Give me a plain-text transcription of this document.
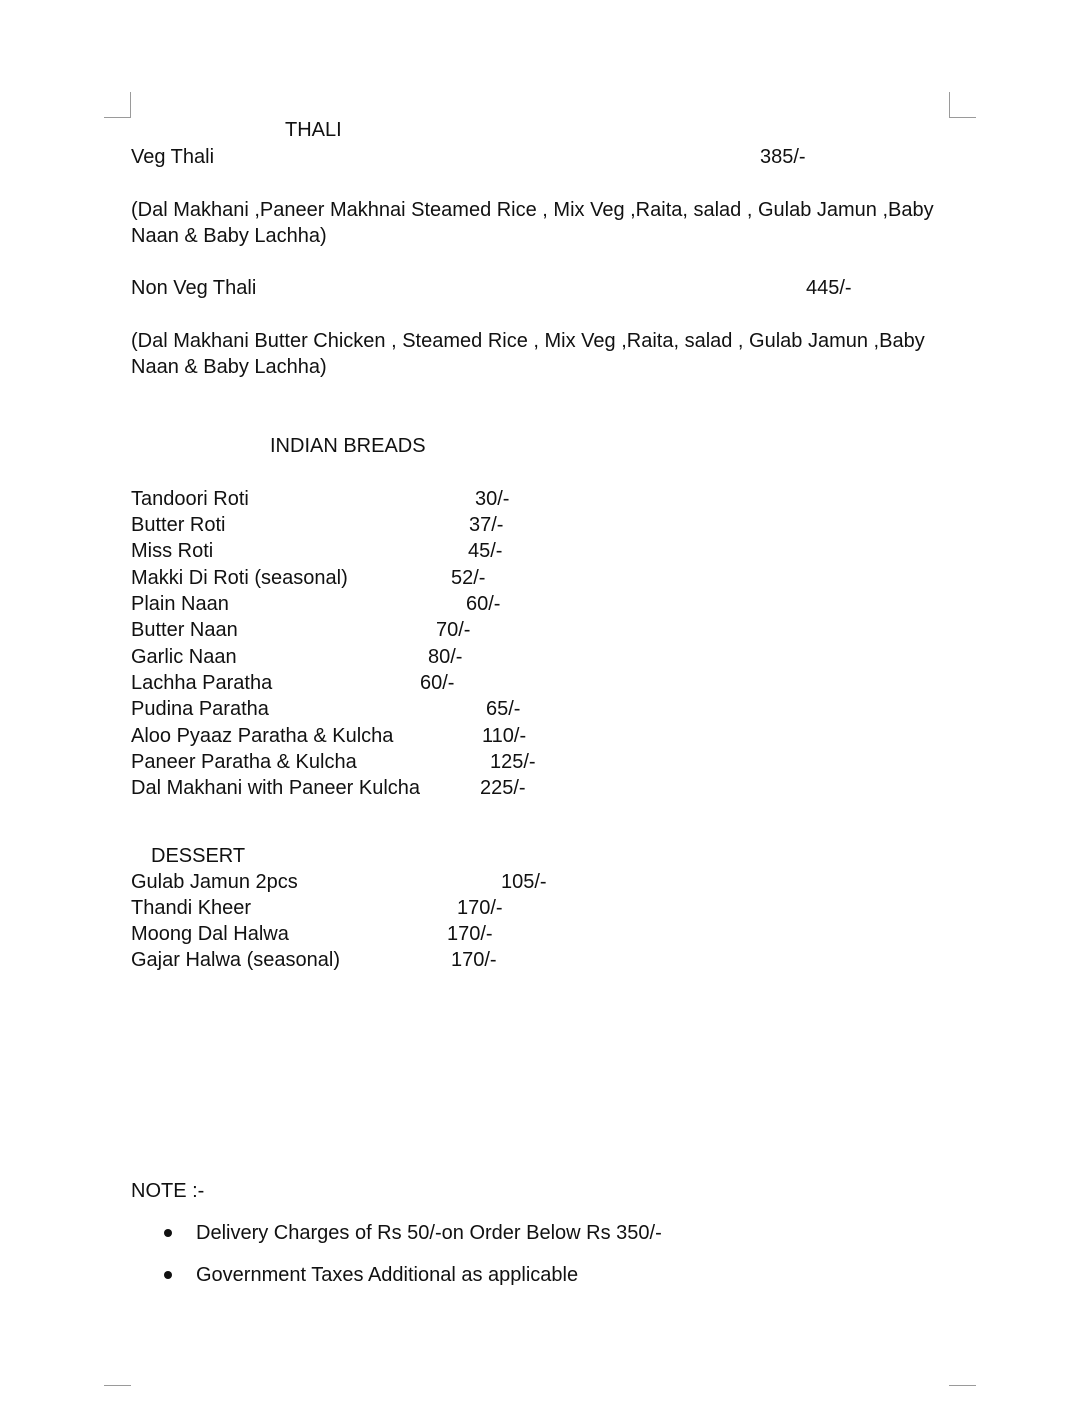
THALI
Veg Thali	385/-
(Dal Makhani ,Paneer Makhnai Steamed Rice , Mix Veg ,Raita, salad , Gulab Jamun ,Baby
Naan & Baby Lachha)
Non Veg Thali	445/-
(Dal Makhani Butter Chicken , Steamed Rice , Mix Veg ,Raita, salad , Gulab Jamun ,Baby
Naan & Baby Lachha)
INDIAN BREADS
Tandoori Roti	30/-
Butter Roti	37/-
Miss Roti	45/-
Makki Di Roti (seasonal)	52/-
Plain Naan	60/-
Butter Naan	70/-
Garlic Naan	80/-
Lachha Paratha	60/-
Pudina Paratha	65/-
Aloo Pyaaz Paratha & Kulcha	110/-
Paneer Paratha & Kulcha	125/-
Dal Makhani with Paneer Kulcha	225/-
DESSERT
Gulab Jamun 2pcs	105/-
Thandi Kheer	170/-
Moong Dal Halwa	170/-
Gajar Halwa (seasonal)	170/-
NOTE :-
Delivery Charges of Rs 50/-on Order Below Rs 350/-
Government Taxes Additional as applicable
